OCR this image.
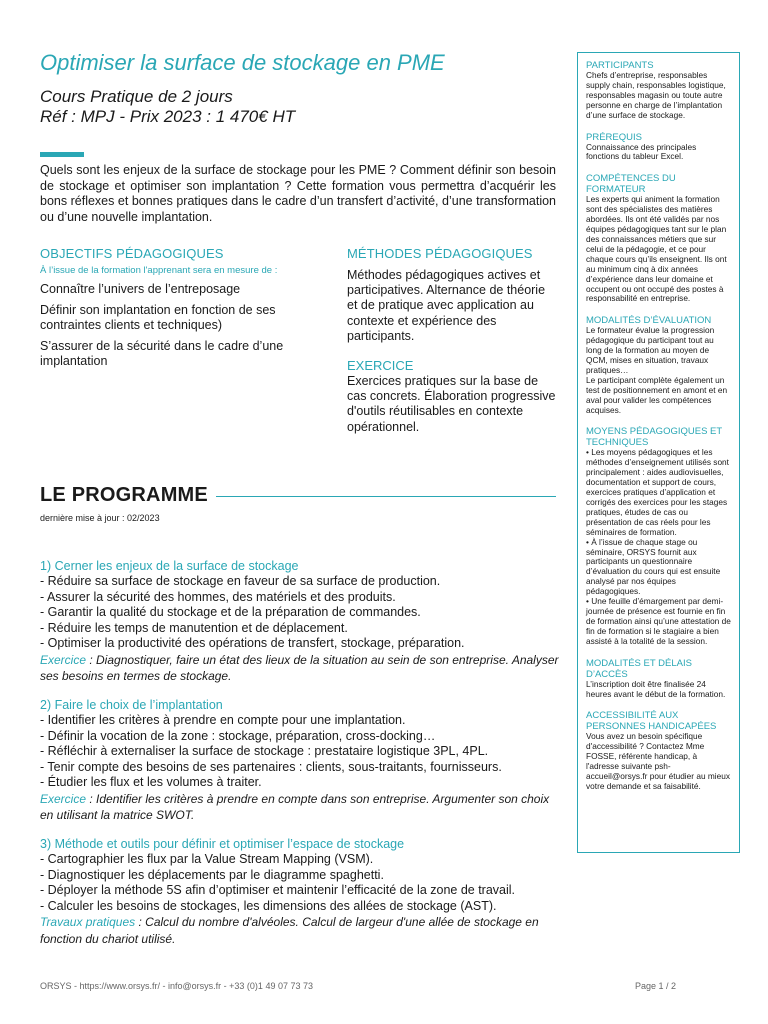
Optimiser la surface de stockage en PME
Cours Pratique de 2 jours
Réf : MPJ - Prix 2023 : 1 470€ HT
Quels sont les enjeux de la surface de stockage pour les PME ? Comment définir son besoin de stockage et optimiser son implantation ? Cette formation vous permettra d’acquérir les bons réflexes et bonnes pratiques dans le cadre d’un transfert d’activité, d’une transformation ou d’une nouvelle implantation.
OBJECTIFS PÉDAGOGIQUES
À l’issue de la formation l'apprenant sera en mesure de :
Connaître l’univers de l’entreposage
Définir son implantation en fonction de ses contraintes clients et techniques)
S’assurer de la sécurité dans le cadre d’une implantation
MÉTHODES PÉDAGOGIQUES
Méthodes pédagogiques actives et participatives. Alternance de théorie et de pratique avec application au contexte et expérience des participants.
EXERCICE
Exercices pratiques sur la base de cas concrets. Élaboration progressive d'outils réutilisables en contexte opérationnel.
LE PROGRAMME
dernière mise à jour : 02/2023
1) Cerner les enjeux de la surface de stockage
- Réduire sa surface de stockage en faveur de sa surface de production.
- Assurer la sécurité des hommes, des matériels et des produits.
- Garantir la qualité du stockage et de la préparation de commandes.
- Réduire les temps de manutention et de déplacement.
- Optimiser la productivité des opérations de transfert, stockage, préparation.
Exercice : Diagnostiquer, faire un état des lieux de la situation au sein de son entreprise. Analyser ses besoins en termes de stockage.
2) Faire le choix de l’implantation
- Identifier les critères à prendre en compte pour une implantation.
- Définir la vocation de la zone : stockage, préparation, cross-docking…
- Réfléchir à externaliser la surface de stockage : prestataire logistique 3PL, 4PL.
- Tenir compte des besoins de ses partenaires : clients, sous-traitants, fournisseurs.
- Étudier les flux et les volumes à traiter.
Exercice : Identifier les critères à prendre en compte dans son entreprise. Argumenter son choix en utilisant la matrice SWOT.
3) Méthode et outils pour définir et optimiser l’espace de stockage
- Cartographier les flux par la Value Stream Mapping (VSM).
- Diagnostiquer les déplacements par le diagramme spaghetti.
- Déployer la méthode 5S afin d’optimiser et maintenir l’efficacité de la zone de travail.
- Calculer les besoins de stockages, les dimensions des allées de stockage (AST).
Travaux pratiques : Calcul du nombre d'alvéoles. Calcul de largeur d'une allée de stockage en fonction du chariot utilisé.
PARTICIPANTS
Chefs d’entreprise, responsables supply chain, responsables logistique, responsables magasin ou toute autre personne en charge de l’implantation d’une surface de stockage.
PRÉREQUIS
Connaissance des principales fonctions du tableur Excel.
COMPÉTENCES DU FORMATEUR
Les experts qui animent la formation sont des spécialistes des matières abordées. Ils ont été validés par nos équipes pédagogiques tant sur le plan des connaissances métiers que sur celui de la pédagogie, et ce pour chaque cours qu’ils enseignent. Ils ont au minimum cinq à dix années d’expérience dans leur domaine et occupent ou ont occupé des postes à responsabilité en entreprise.
MODALITÉS D’ÉVALUATION
Le formateur évalue la progression pédagogique du participant tout au long de la formation au moyen de QCM, mises en situation, travaux pratiques…
Le participant complète également un test de positionnement en amont et en aval pour valider les compétences acquises.
MOYENS PÉDAGOGIQUES ET TECHNIQUES
• Les moyens pédagogiques et les méthodes d’enseignement utilisés sont principalement : aides audiovisuelles, documentation et support de cours, exercices pratiques d’application et corrigés des exercices pour les stages pratiques, études de cas ou présentation de cas réels pour les séminaires de formation.
• À l’issue de chaque stage ou séminaire, ORSYS fournit aux participants un questionnaire d’évaluation du cours qui est ensuite analysé par nos équipes pédagogiques.
• Une feuille d’émargement par demi-journée de présence est fournie en fin de formation ainsi qu’une attestation de fin de formation si le stagiaire a bien assisté à la totalité de la session.
MODALITÉS ET DÉLAIS D’ACCÈS
L’inscription doit être finalisée 24 heures avant le début de la formation.
ACCESSIBILITÉ AUX PERSONNES HANDICAPÉES
Vous avez un besoin spécifique d'accessibilité ? Contactez Mme FOSSE, référente handicap, à l'adresse suivante psh-accueil@orsys.fr pour étudier au mieux votre demande et sa faisabilité.
ORSYS - https://www.orsys.fr/ - info@orsys.fr - +33 (0)1 49 07 73 73	Page 1 / 2
